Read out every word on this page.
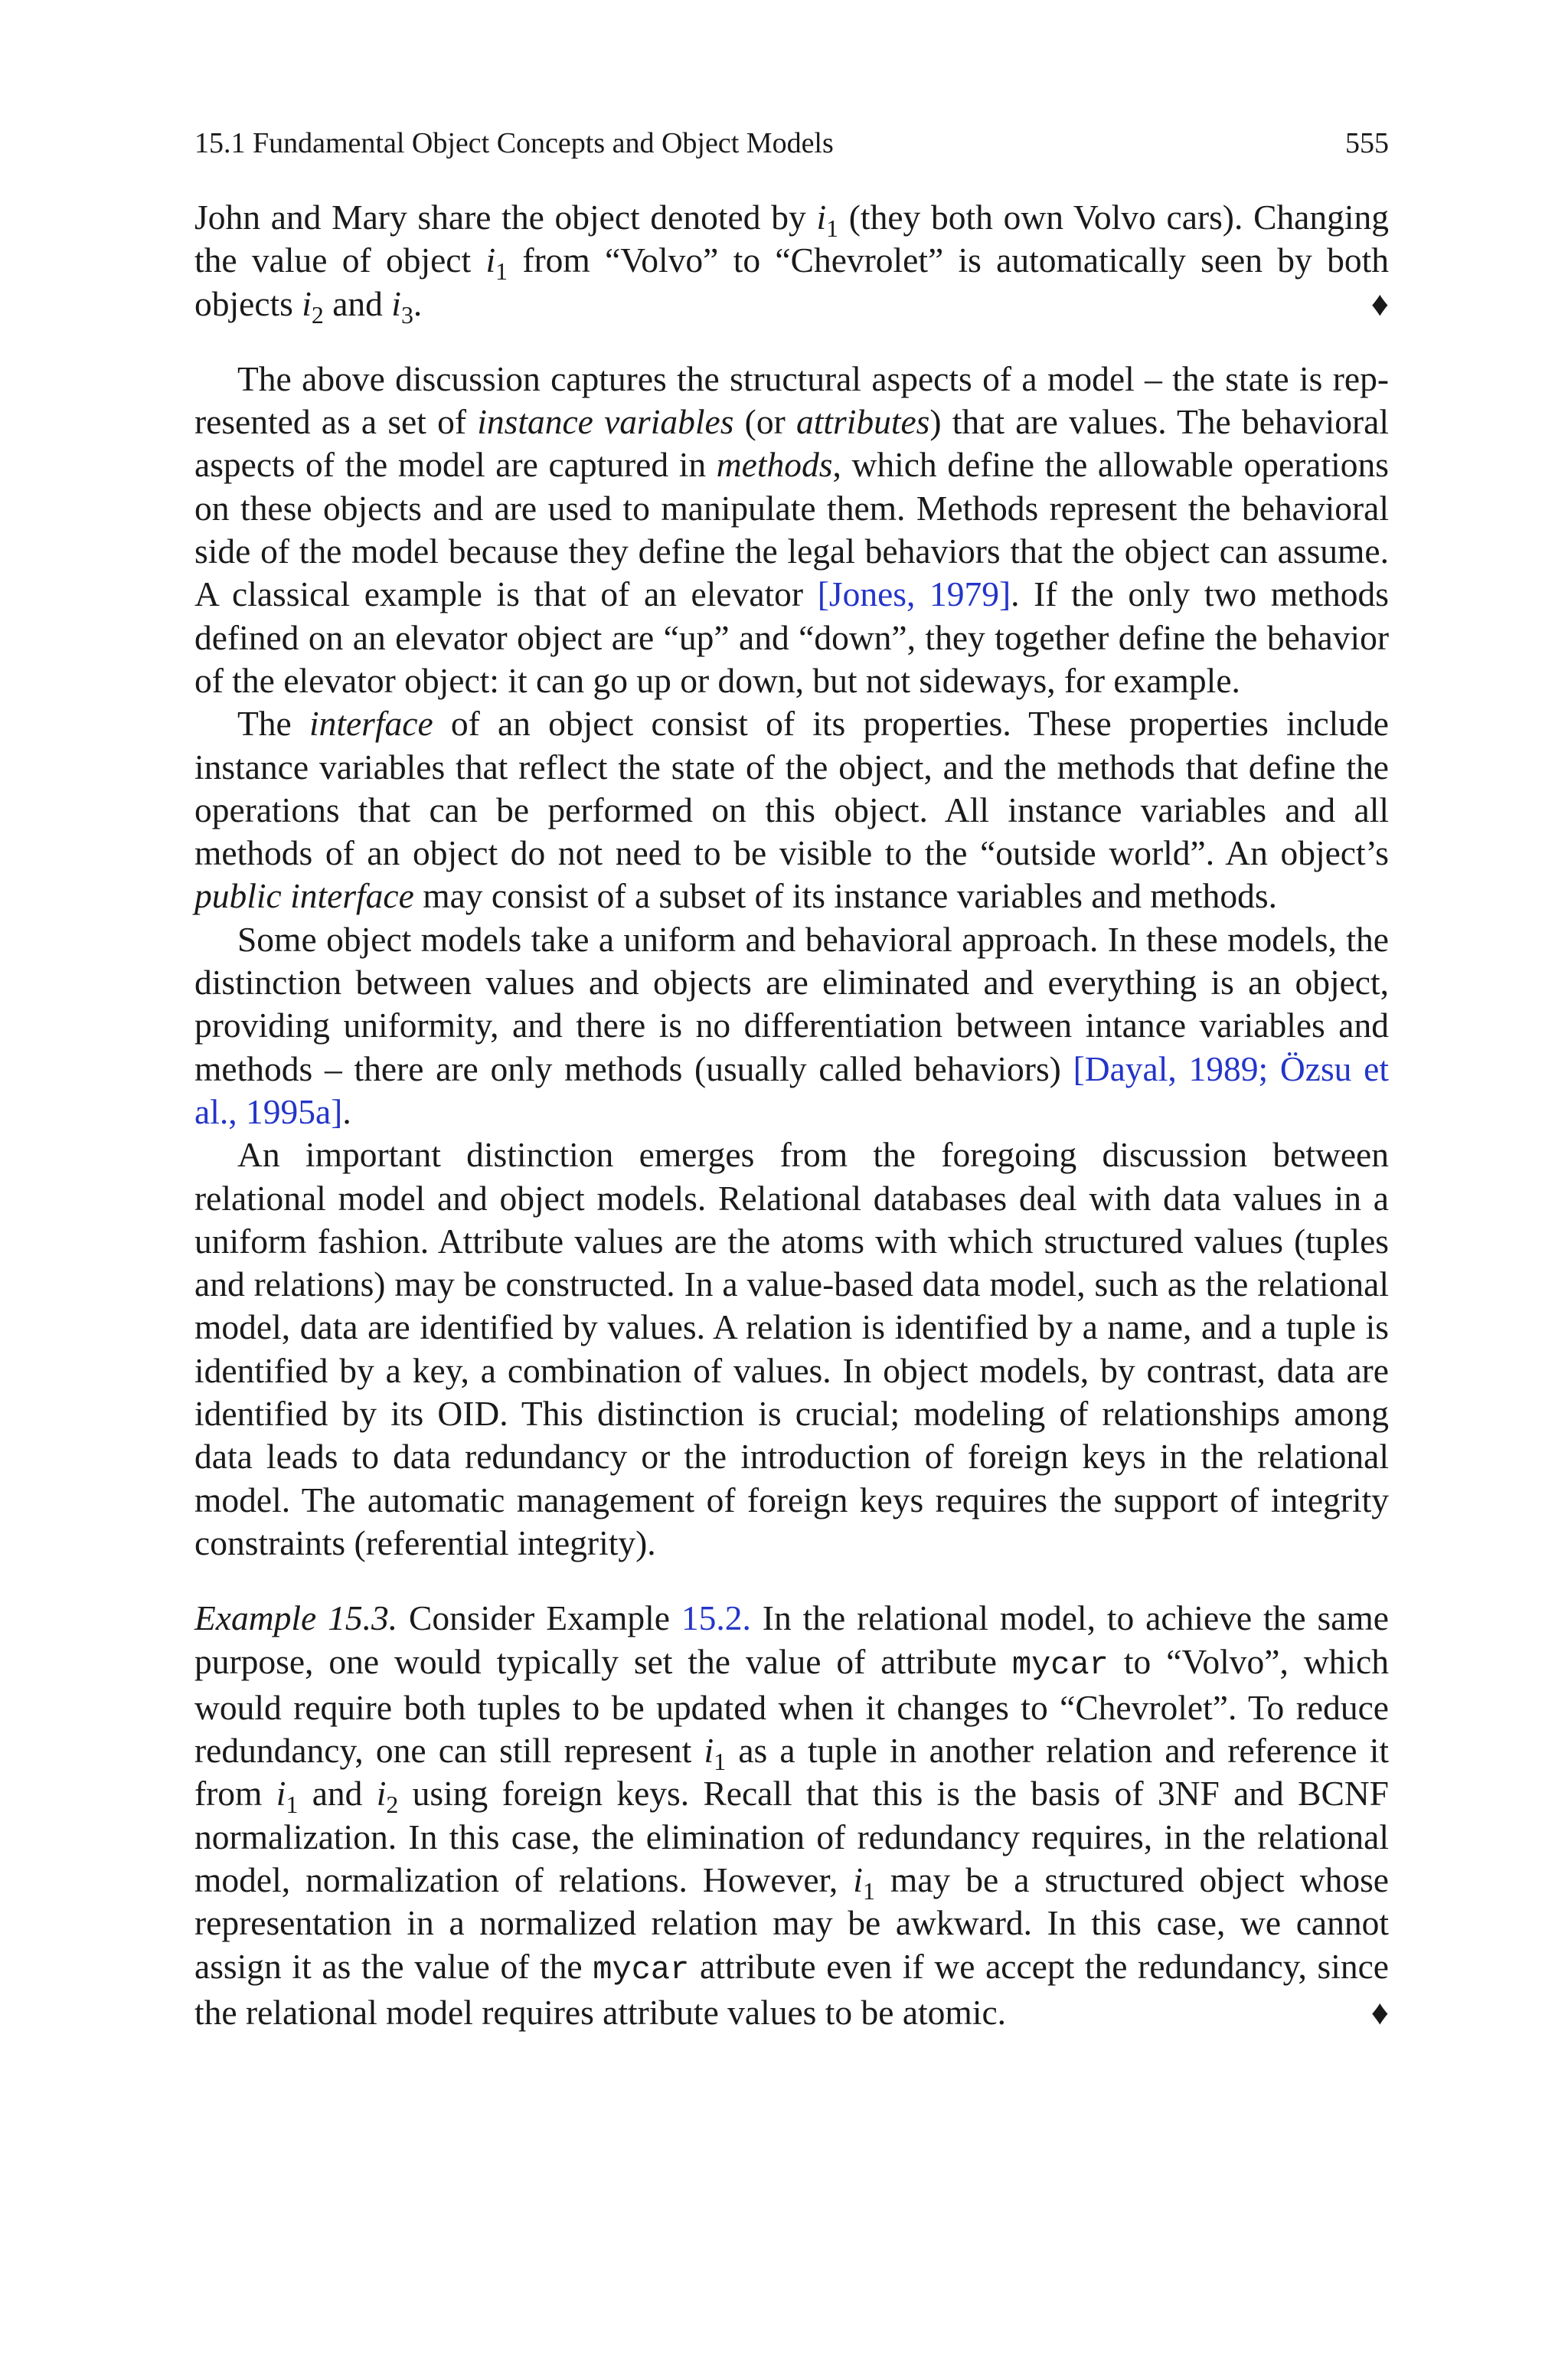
15.1 Fundamental Object Concepts and Object Models	555

John and Mary share the object denoted by $i_1$ (they both own Volvo cars). Changing the value of object $i_1$ from “Volvo” to “Chevrolet” is automatically seen by both objects $i_2$ and $i_3$.	♦

The above discussion captures the structural aspects of a model – the state is represented as a set of instance variables (or attributes) that are values. The behavioral aspects of the model are captured in methods, which define the allowable operations on these objects and are used to manipulate them. Methods represent the behavioral side of the model because they define the legal behaviors that the object can assume. A classical example is that of an elevator [Jones, 1979]. If the only two methods defined on an elevator object are “up” and “down”, they together define the behavior of the elevator object: it can go up or down, but not sideways, for example.

The interface of an object consist of its properties. These properties include instance variables that reflect the state of the object, and the methods that define the operations that can be performed on this object. All instance variables and all methods of an object do not need to be visible to the “outside world”. An object’s public interface may consist of a subset of its instance variables and methods.

Some object models take a uniform and behavioral approach. In these models, the distinction between values and objects are eliminated and everything is an object, providing uniformity, and there is no differentiation between intance variables and methods – there are only methods (usually called behaviors) [Dayal, 1989; Özsu et al., 1995a].

An important distinction emerges from the foregoing discussion between relational model and object models. Relational databases deal with data values in a uniform fashion. Attribute values are the atoms with which structured values (tuples and relations) may be constructed. In a value-based data model, such as the relational model, data are identified by values. A relation is identified by a name, and a tuple is identified by a key, a combination of values. In object models, by contrast, data are identified by its OID. This distinction is crucial; modeling of relationships among data leads to data redundancy or the introduction of foreign keys in the relational model. The automatic management of foreign keys requires the support of integrity constraints (referential integrity).

Example 15.3. Consider Example 15.2. In the relational model, to achieve the same purpose, one would typically set the value of attribute mycar to “Volvo”, which would require both tuples to be updated when it changes to “Chevrolet”. To reduce redundancy, one can still represent $i_1$ as a tuple in another relation and reference it from $i_1$ and $i_2$ using foreign keys. Recall that this is the basis of 3NF and BCNF normalization. In this case, the elimination of redundancy requires, in the relational model, normalization of relations. However, $i_1$ may be a structured object whose representation in a normalized relation may be awkward. In this case, we cannot assign it as the value of the mycar attribute even if we accept the redundancy, since the relational model requires attribute values to be atomic.	♦
